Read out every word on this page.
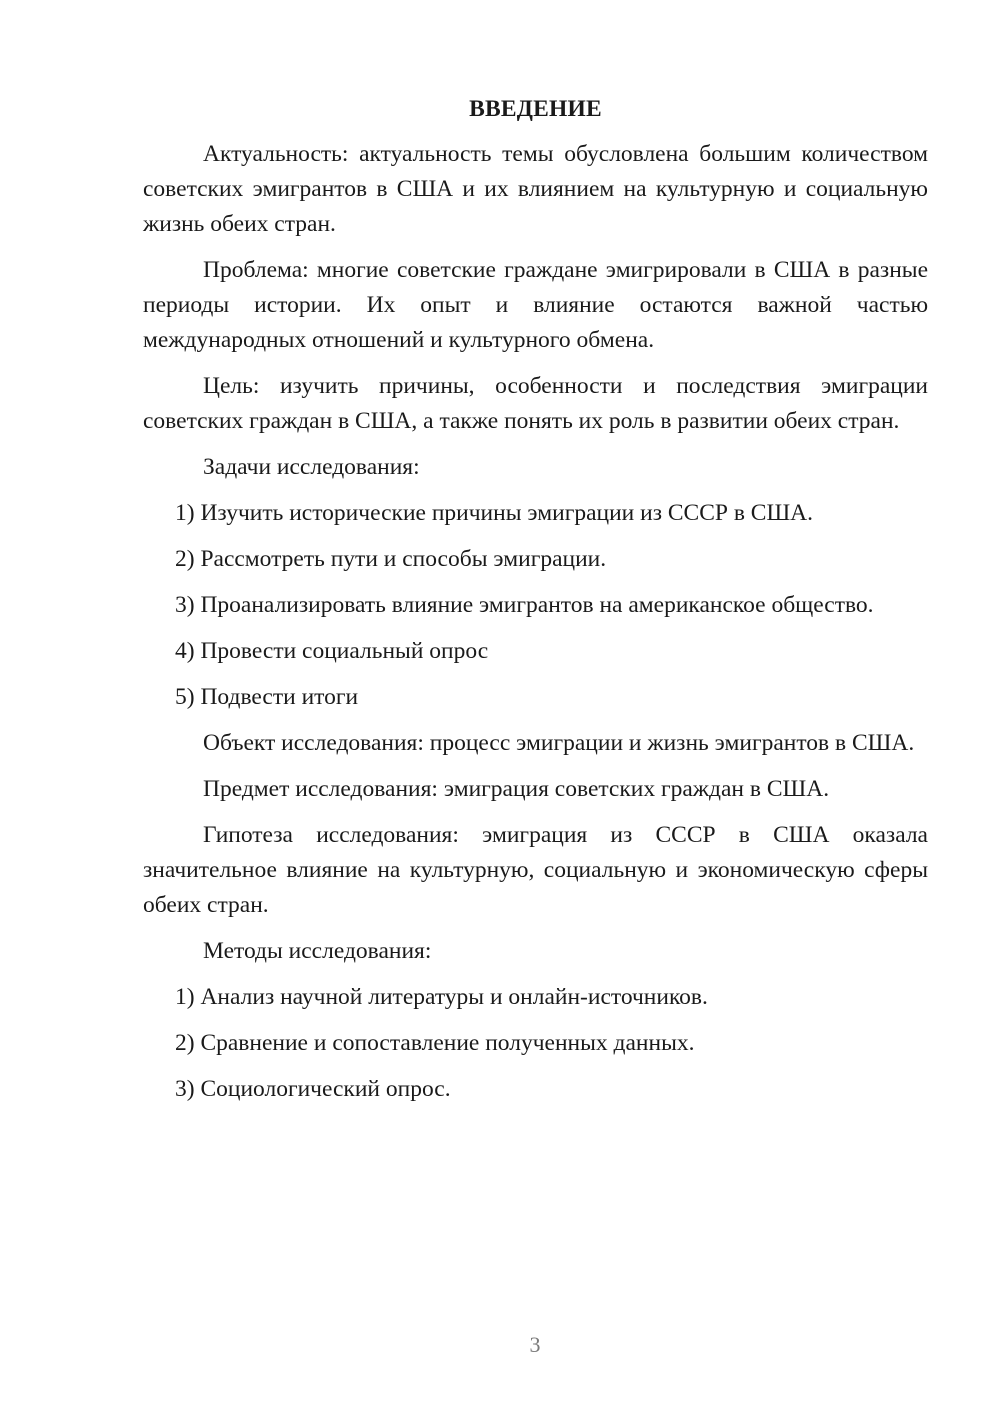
ВВЕДЕНИЕ

Актуальность: актуальность темы обусловлена большим количеством советских эмигрантов в США и их влиянием на культурную и социальную жизнь обеих стран.

Проблема: многие советские граждане эмигрировали в США в разные периоды истории. Их опыт и влияние остаются важной частью международных отношений и культурного обмена.

Цель: изучить причины, особенности и последствия эмиграции советских граждан в США, а также понять их роль в развитии обеих стран.

Задачи исследования:

1) Изучить исторические причины эмиграции из СССР в США.

2) Рассмотреть пути и способы эмиграции.

3) Проанализировать влияние эмигрантов на американское общество.

4) Провести социальный опрос

5) Подвести итоги

Объект исследования: процесс эмиграции и жизнь эмигрантов в США.

Предмет исследования: эмиграция советских граждан в США.

Гипотеза исследования: эмиграция из СССР в США оказала значительное влияние на культурную, социальную и экономическую сферы обеих стран.

Методы исследования:

1) Анализ научной литературы и онлайн-источников.

2) Сравнение и сопоставление полученных данных.

3) Социологический опрос.

3
